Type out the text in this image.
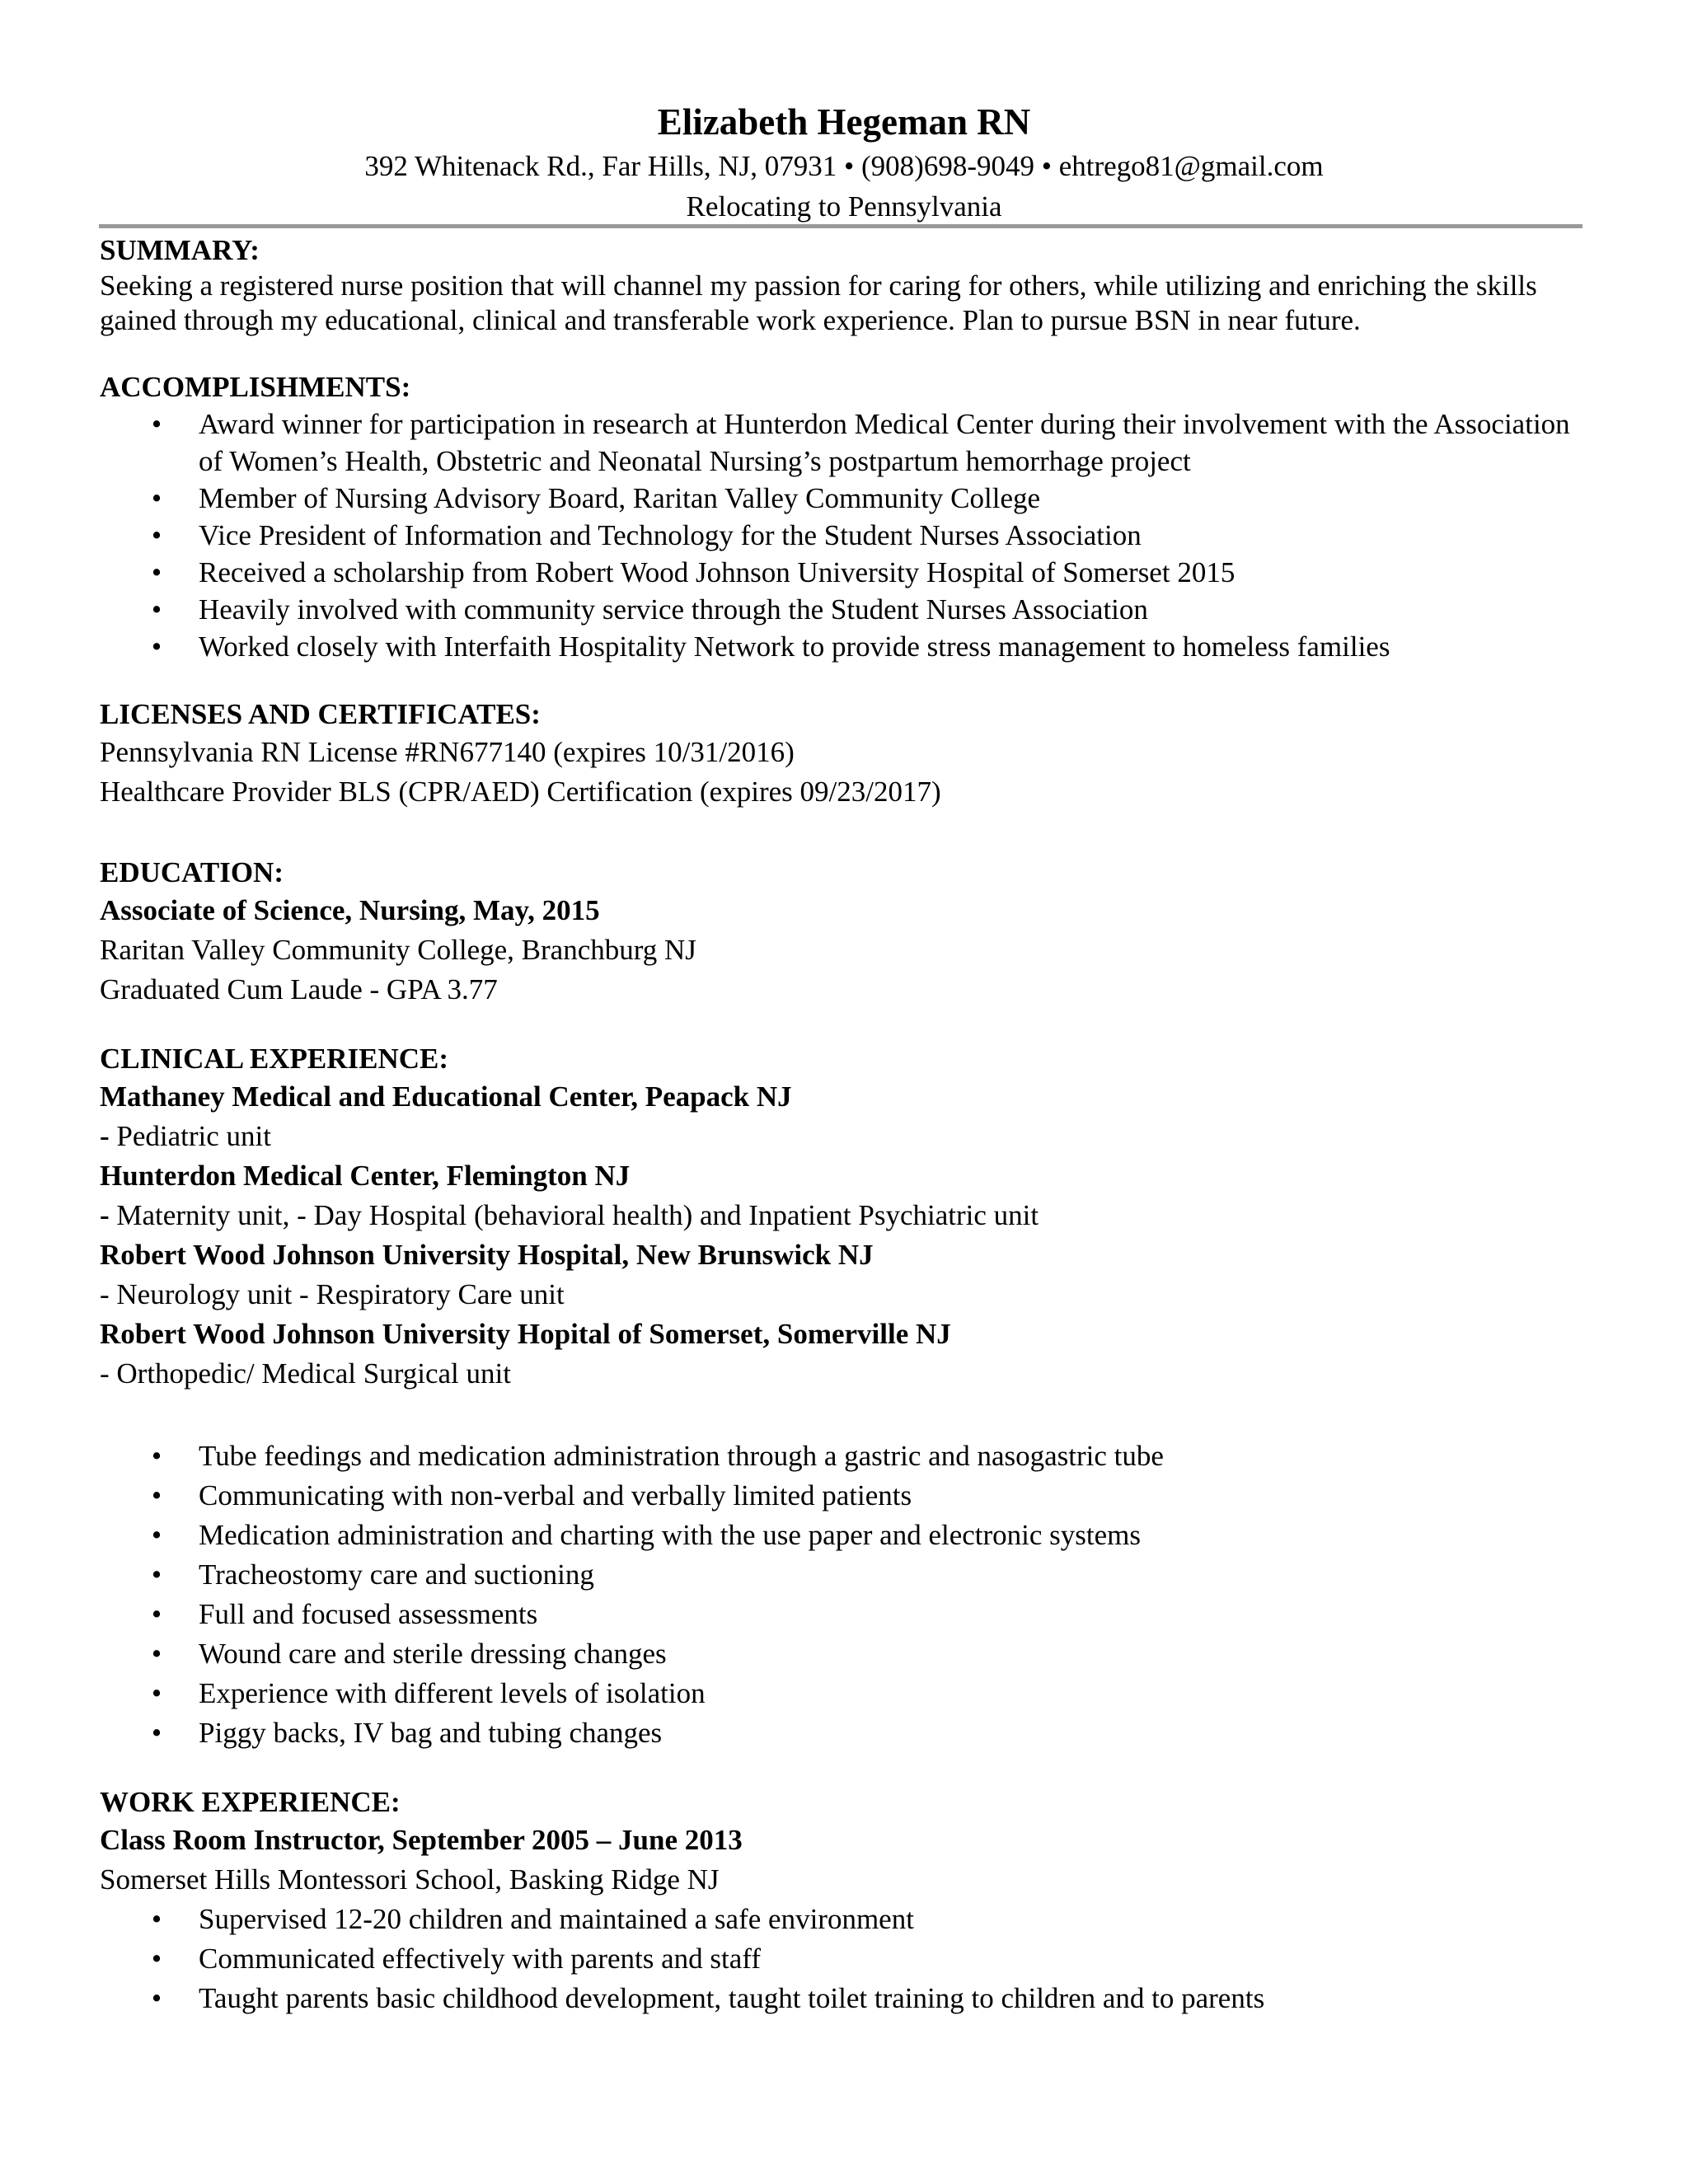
Elizabeth Hegeman RN
392 Whitenack Rd., Far Hills, NJ, 07931 • (908)698-9049 • ehtrego81@gmail.com
Relocating to Pennsylvania
SUMMARY:
Seeking a registered nurse position that will channel my passion for caring for others, while utilizing and enriching the skills gained through my educational, clinical and transferable work experience. Plan to pursue BSN in near future.
ACCOMPLISHMENTS:
• Award winner for participation in research at Hunterdon Medical Center during their involvement with the Association of Women’s Health, Obstetric and Neonatal Nursing’s postpartum hemorrhage project
• Member of Nursing Advisory Board, Raritan Valley Community College
• Vice President of Information and Technology for the Student Nurses Association
• Received a scholarship from Robert Wood Johnson University Hospital of Somerset 2015
• Heavily involved with community service through the Student Nurses Association
• Worked closely with Interfaith Hospitality Network to provide stress management to homeless families
LICENSES AND CERTIFICATES:
Pennsylvania RN License #RN677140 (expires 10/31/2016)
Healthcare Provider BLS (CPR/AED) Certification (expires 09/23/2017)
EDUCATION:
Associate of Science, Nursing, May, 2015
Raritan Valley Community College, Branchburg NJ
Graduated Cum Laude - GPA 3.77
CLINICAL EXPERIENCE:
Mathaney Medical and Educational Center, Peapack NJ
- Pediatric unit
Hunterdon Medical Center, Flemington NJ
- Maternity unit, - Day Hospital (behavioral health) and Inpatient Psychiatric unit
Robert Wood Johnson University Hospital, New Brunswick NJ
- Neurology unit - Respiratory Care unit
Robert Wood Johnson University Hopital of Somerset, Somerville NJ
- Orthopedic/ Medical Surgical unit
• Tube feedings and medication administration through a gastric and nasogastric tube
• Communicating with non-verbal and verbally limited patients
• Medication administration and charting with the use paper and electronic systems
• Tracheostomy care and suctioning
• Full and focused assessments
• Wound care and sterile dressing changes
• Experience with different levels of isolation
• Piggy backs, IV bag and tubing changes
WORK EXPERIENCE:
Class Room Instructor, September 2005 – June 2013
Somerset Hills Montessori School, Basking Ridge NJ
• Supervised 12-20 children and maintained a safe environment
• Communicated effectively with parents and staff
• Taught parents basic childhood development, taught toilet training to children and to parents
